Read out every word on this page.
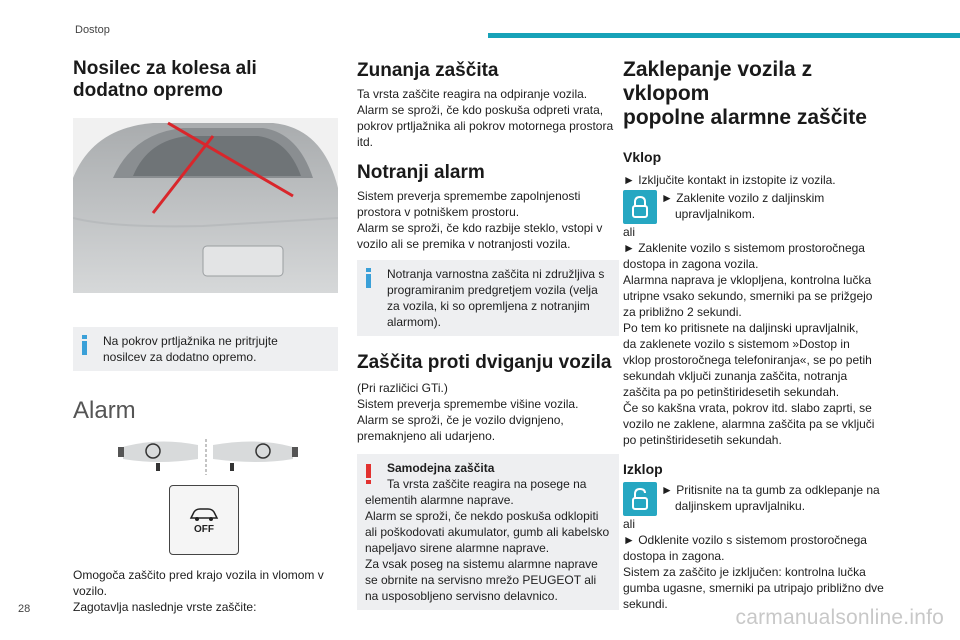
Dostop
Nosilec za kolesa ali
dodatno opremo
Na pokrov prtljažnika ne pritrjujte
nosilcev za dodatno opremo.
Alarm
OFF

Omogoča zaščito pred krajo vozila in vlomom v

vozilo.

Zagotavlja naslednje vrste zaščite:

Zunanja zaščita

Ta vrsta zaščite reagira na odpiranje vozila.

Alarm se sproži, če kdo poskuša odpreti vrata,

pokrov prtljažnika ali pokrov motornega prostora

itd.

Notranji alarm

Sistem preverja spremembe zapolnjenosti

prostora v potniškem prostoru.

Alarm se sproži, če kdo razbije steklo, vstopi v

vozilo ali se premika v notranjosti vozila.

Notranja varnostna zaščita ni združljiva s
programiranim predgretjem vozila (velja
za vozila, ki so opremljena z notranjim
alarmom).
Zaščita proti dviganju vozila

(Pri različici GTi.)

Sistem preverja spremembe višine vozila.

Alarm se sproži, če je vozilo dvignjeno,

premaknjeno ali udarjeno.

Samodejna zaščita
Ta vrsta zaščite reagira na posege na
elementih alarmne naprave.
Alarm se sproži, če nekdo poskuša odklopiti
ali poškodovati akumulator, gumb ali kabelsko
napeljavo sirene alarmne naprave.
Za vsak poseg na sistemu alarmne naprave
se obrnite na servisno mrežo PEUGEOT ali
na usposobljeno servisno delavnico.
Zaklepanje vozila z vklopom
popolne alarmne zaščite
Vklop

► Izključite kontakt in izstopite iz vozila.

► Zaklenite vozilo z daljinskim

upravljalnikom.

ali

► Zaklenite vozilo s sistemom prostoročnega

dostopa in zagona vozila.

Alarmna naprava je vklopljena, kontrolna lučka

utripne vsako sekundo, smerniki pa se prižgejo

za približno 2 sekundi.

Po tem ko pritisnete na daljinski upravljalnik,

da zaklenete vozilo s sistemom »Dostop in

vklop prostoročnega telefoniranja«, se po petih

sekundah vključi zunanja zaščita, notranja

zaščita pa po petinštiridesetih sekundah.

Če so kakšna vrata, pokrov itd. slabo zaprti, se

vozilo ne zaklene, alarmna zaščita pa se vključi

po petinštiridesetih sekundah.

Izklop

► Pritisnite na ta gumb za odklepanje na

daljinskem upravljalniku.

ali

► Odklenite vozilo s sistemom prostoročnega

dostopa in zagona.

Sistem za zaščito je izključen: kontrolna lučka

gumba ugasne, smerniki pa utripajo približno dve

sekundi.

28	carmanualsonline.info
